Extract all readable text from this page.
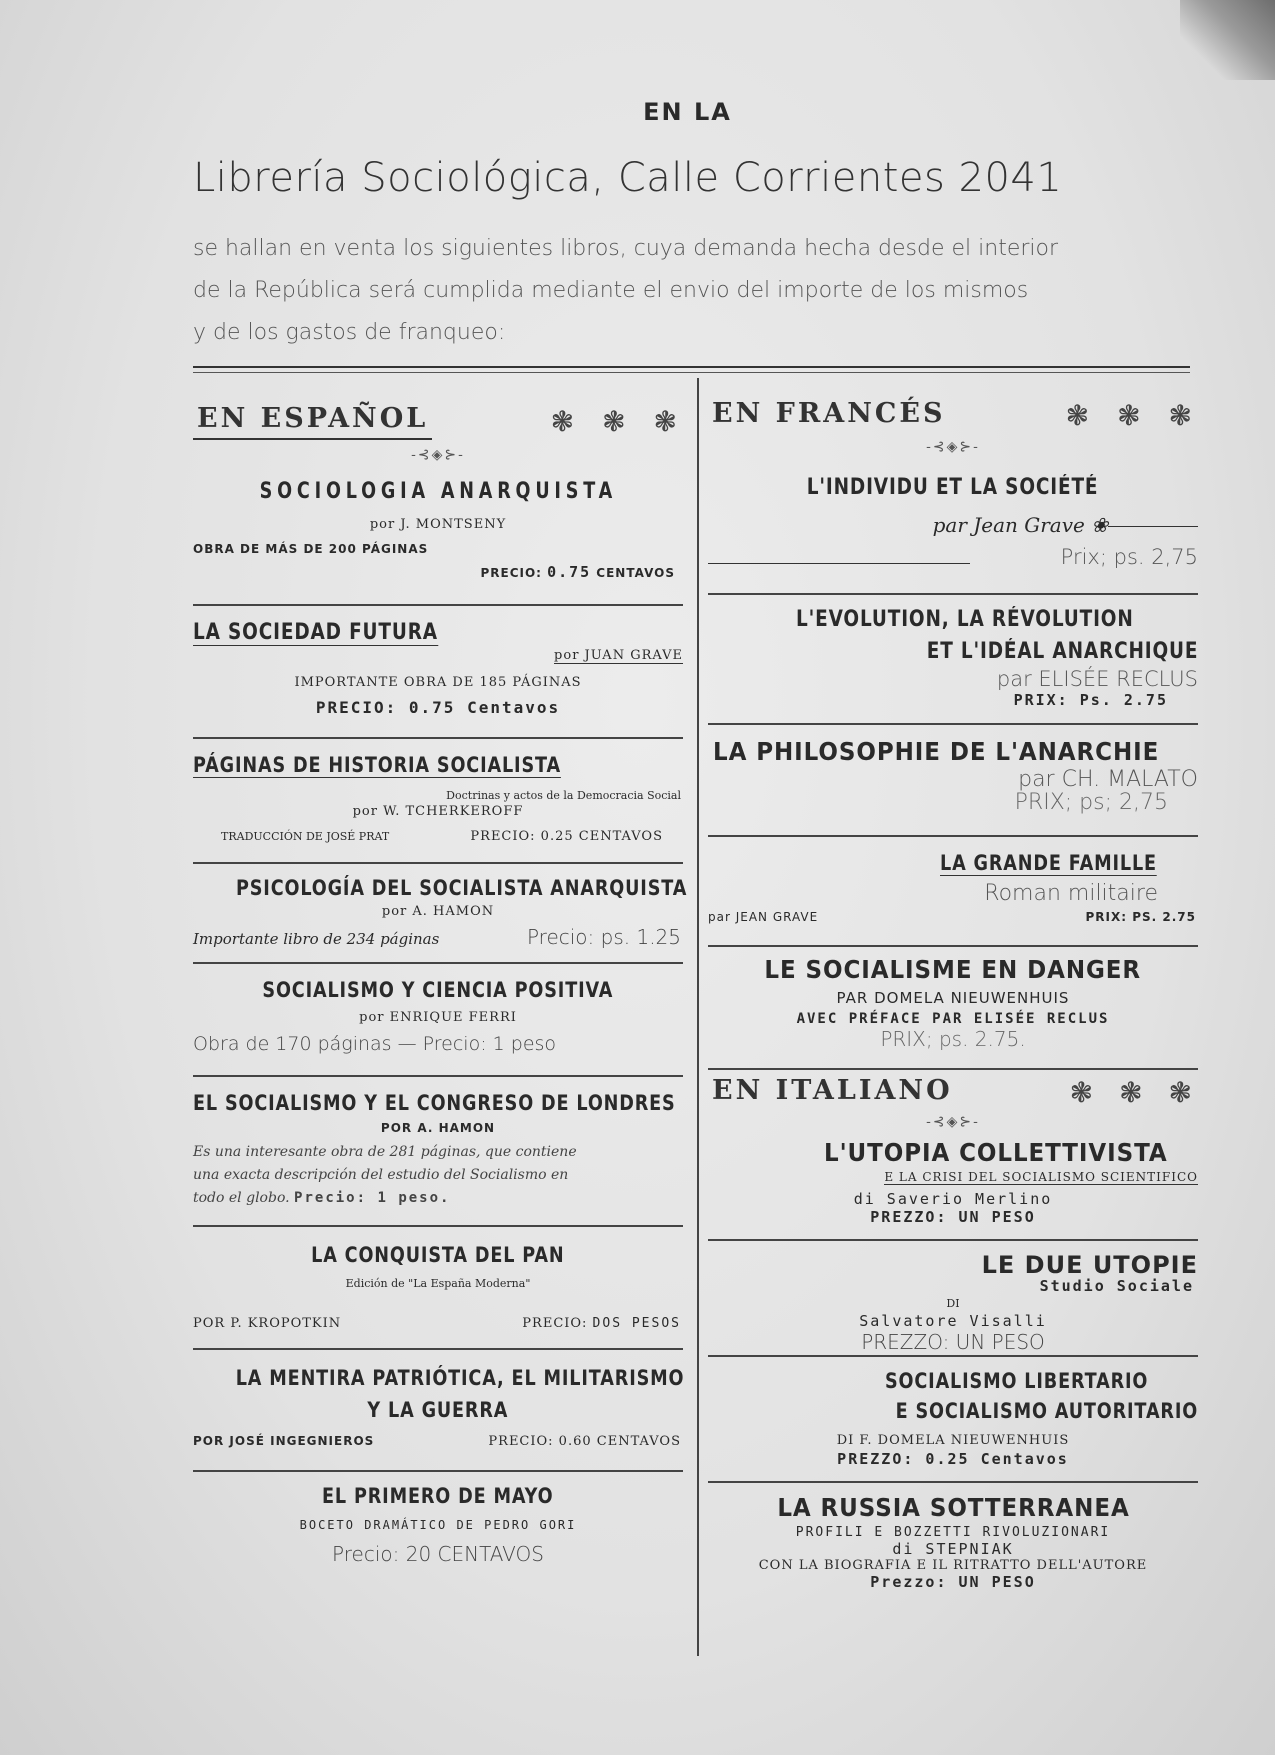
EN LA
Librería Sociológica, Calle Corrientes 2041
se hallan en venta los siguientes libros, cuya demanda hecha desde el interior
de la República será cumplida mediante el envio del importe de los mismos
y de los gastos de franqueo:
EN ESPAÑOL	❃ ❃ ❃
-⊰◈⊱-
SOCIOLOGIA ANARQUISTA
por J. MONTSENY
OBRA DE MÁS DE 200 PÁGINAS
PRECIO: 0.75 CENTAVOS
LA SOCIEDAD FUTURA
por JUAN GRAVE
IMPORTANTE OBRA DE 185 PÁGINAS
PRECIO: 0.75 Centavos
PÁGINAS DE HISTORIA SOCIALISTA
Doctrinas y actos de la Democracia Social
por W. TCHERKEROFF
TRADUCCIÓN DE JOSÉ PRAT	PRECIO: 0.25 CENTAVOS
PSICOLOGÍA DEL SOCIALISTA ANARQUISTA
por A. HAMON
Importante libro de 234 páginas	Precio: ps. 1.25
SOCIALISMO Y CIENCIA POSITIVA
por ENRIQUE FERRI
Obra de 170 páginas — Precio: 1 peso
EL SOCIALISMO Y EL CONGRESO DE LONDRES
POR A. HAMON
Es una interesante obra de 281 páginas, que contiene
una exacta descripción del estudio del Socialismo en
todo el globo. Precio: 1 peso.
LA CONQUISTA DEL PAN
Edición de "La España Moderna"
POR P. KROPOTKIN	PRECIO: DOS PESOS
LA MENTIRA PATRIÓTICA, EL MILITARISMO
Y LA GUERRA
POR JOSÉ INGEGNIEROS	PRECIO: 0.60 CENTAVOS
EL PRIMERO DE MAYO
BOCETO DRAMÁTICO DE PEDRO GORI
Precio: 20 CENTAVOS
EN FRANCÉS	❃ ❃ ❃
-⊰◈⊱-
L'INDIVIDU ET LA SOCIÉTÉ
par Jean Grave ❀
Prix; ps. 2,75
L'EVOLUTION, LA RÉVOLUTION
ET L'IDÉAL ANARCHIQUE
par ELISÉE RECLUS
PRIX: Ps. 2.75
LA PHILOSOPHIE DE L'ANARCHIE
par CH. MALATO
PRIX; ps; 2,75
LA GRANDE FAMILLE
Roman militaire
par JEAN GRAVE	PRIX: PS. 2.75
LE SOCIALISME EN DANGER
PAR DOMELA NIEUWENHUIS
AVEC PRÉFACE PAR ELISÉE RECLUS
PRIX; ps. 2.75.
EN ITALIANO	❃ ❃ ❃
-⊰◈⊱-
L'UTOPIA COLLETTIVISTA
E LA CRISI DEL SOCIALISMO SCIENTIFICO
di Saverio Merlino
PREZZO: UN PESO
LE DUE UTOPIE
Studio Sociale
DI
Salvatore Visalli
PREZZO: UN PESO
SOCIALISMO LIBERTARIO
E SOCIALISMO AUTORITARIO
DI F. DOMELA NIEUWENHUIS
PREZZO: 0.25 Centavos
LA RUSSIA SOTTERRANEA
PROFILI E BOZZETTI RIVOLUZIONARI
di STEPNIAK
CON LA BIOGRAFIA E IL RITRATTO DELL'AUTORE
Prezzo: UN PESO
